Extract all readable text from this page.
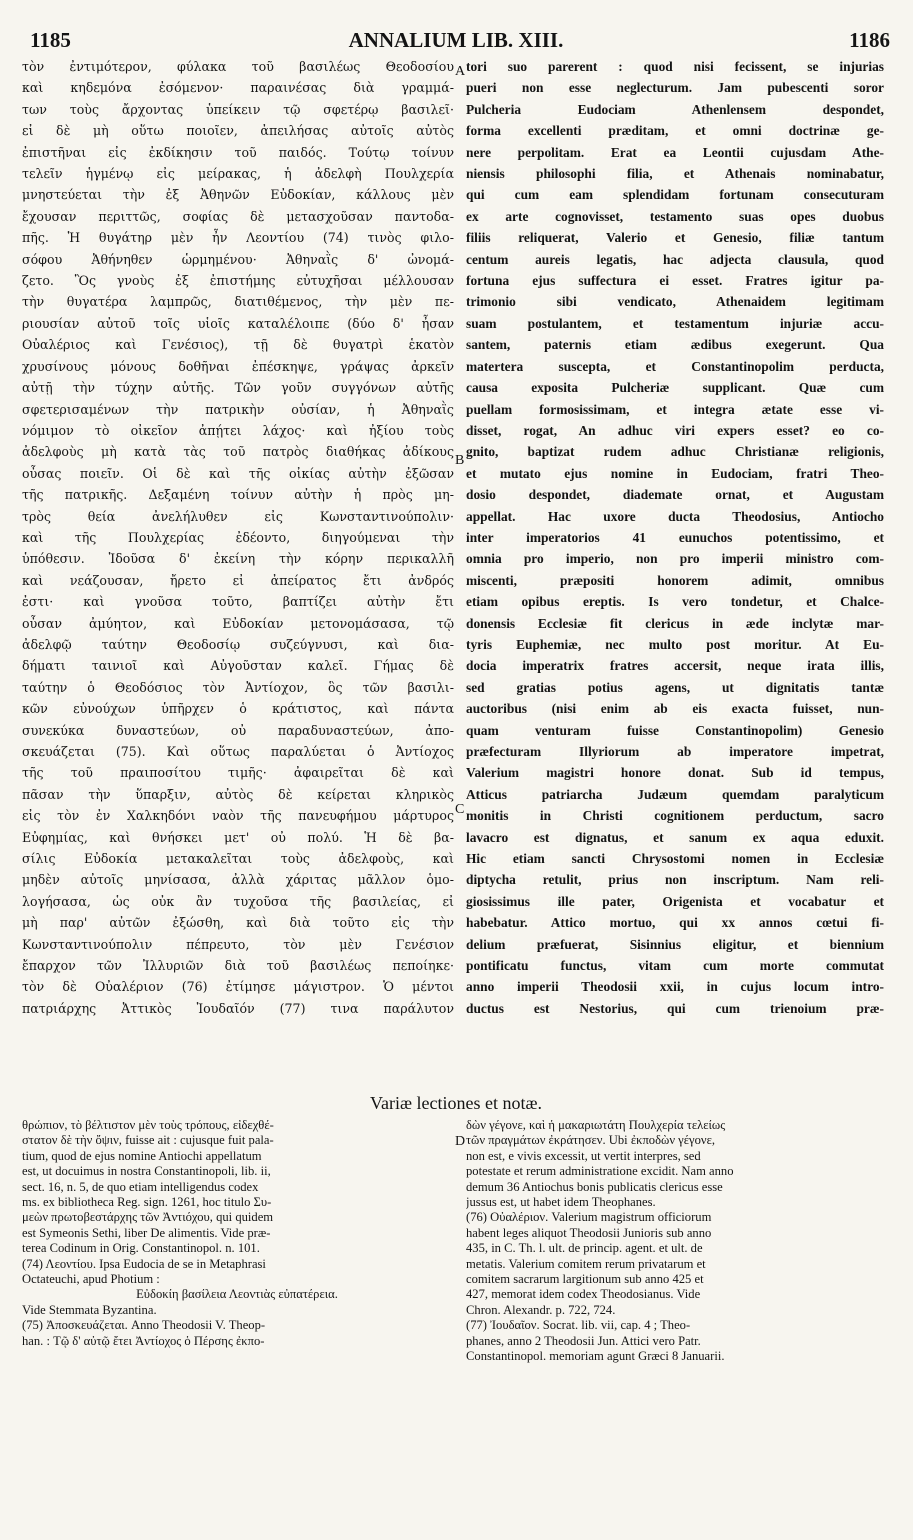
1185	ANNALIUM LIB. XIII.	1186
τὸν ἐντιμότερον, φύλακα τοῦ βασιλέως Θεοδοσίου
καὶ κηδεμόνα ἐσόμενον· παραινέσας διὰ γραμμά-
των τοὺς ἄρχοντας ὑπείκειν τῷ σφετέρῳ βασιλεῖ·
εἰ δὲ μὴ οὕτω ποιοῖεν, ἀπειλήσας αὐτοῖς αὐτὸς
ἐπιστῆναι εἰς ἐκδίκησιν τοῦ παιδός. Τούτῳ τοίνυν
τελεῖν ἡγμένῳ εἰς μείρακας, ἡ ἀδελφὴ Πουλχερία
μνηστεύεται τὴν ἐξ Ἀθηνῶν Εὐδοκίαν, κάλλους μὲν
ἔχουσαν περιττῶς, σοφίας δὲ μετασχοῦσαν παντοδα-
πῆς. Ἡ θυγάτηρ μὲν ἦν Λεοντίου (74) τινὸς φιλο-
σόφου Ἀθήνηθεν ὡρμημένου· Ἀθηναῒς δ' ὠνομά-
ζετο. Ὃς γνοὺς ἐξ ἐπιστήμης εὐτυχῆσαι μέλλουσαν
τὴν θυγατέρα λαμπρῶς, διατιθέμενος, τὴν μὲν πε-
ριουσίαν αὐτοῦ τοῖς υἱοῖς καταλέλοιπε (δύο δ' ἦσαν
Οὐαλέριος καὶ Γενέσιος), τῇ δὲ θυγατρὶ ἑκατὸν
χρυσίνους μόνους δοθῆναι ἐπέσκηψε, γράψας ἀρκεῖν
αὐτῇ τὴν τύχην αὐτῆς. Τῶν γοῦν συγγόνων αὐτῆς
σφετερισαμένων τὴν πατρικὴν οὐσίαν, ἡ Ἀθηναῒς
νόμιμον τὸ οἰκεῖον ἀπῄτει λάχος· καὶ ἠξίου τοὺς
ἀδελφοὺς μὴ κατὰ τὰς τοῦ πατρὸς διαθήκας ἀδίκους
οὖσας ποιεῖν. Οἱ δὲ καὶ τῆς οἰκίας αὐτὴν ἐξῶσαν
τῆς πατρικῆς. Δεξαμένη τοίνυν αὐτὴν ἡ πρὸς μη-
τρὸς θεία ἀνελήλυθεν εἰς Κωνσταντινούπολιν·
καὶ τῆς Πουλχερίας ἐδέοντο, διηγούμεναι τὴν
ὑπόθεσιν. Ἰδοῦσα δ' ἐκείνη τὴν κόρην περικαλλῆ
καὶ νεάζουσαν, ἤρετο εἰ ἀπείρατος ἔτι ἀνδρός
ἐστι· καὶ γνοῦσα τοῦτο, βαπτίζει αὐτὴν ἔτι
οὖσαν ἀμύητον, καὶ Εὐδοκίαν μετονομάσασα, τῷ
ἀδελφῷ ταύτην Θεοδοσίῳ συζεύγνυσι, καὶ δια-
δήματι ταινιοῖ καὶ Αὐγοῦσταν καλεῖ. Γήμας δὲ
ταύτην ὁ Θεοδόσιος τὸν Ἀντίοχον, ὃς τῶν βασιλι-
κῶν εὐνούχων ὑπῆρχεν ὁ κράτιστος, καὶ πάντα
συνεκύκα δυναστεύων, οὐ παραδυναστεύων, ἀπο-
σκευάζεται (75). Καὶ οὕτως παραλύεται ὁ Ἀντίοχος
τῆς τοῦ πραιποσίτου τιμῆς· ἀφαιρεῖται δὲ καὶ
πᾶσαν τὴν ὕπαρξιν, αὐτὸς δὲ κείρεται κληρικὸς
εἰς τὸν ἐν Χαλκηδόνι ναὸν τῆς πανευφήμου μάρτυρος
Εὐφημίας, καὶ θνήσκει μετ' οὐ πολύ. Ἡ δὲ βα-
σίλις Εὐδοκία μετακαλεῖται τοὺς ἀδελφοὺς, καὶ
μηδὲν αὐτοῖς μηνίσασα, ἀλλὰ χάριτας μᾶλλον ὁμο-
λογήσασα, ὡς οὐκ ἂν τυχοῦσα τῆς βασιλείας, εἰ
μὴ παρ' αὐτῶν ἐξώσθη, καὶ διὰ τοῦτο εἰς τὴν
Κωνσταντινούπολιν πέπρευτο, τὸν μὲν Γενέσιον
ἔπαρχον τῶν Ἰλλυριῶν διὰ τοῦ βασιλέως πεποίηκε·
τὸν δὲ Οὐαλέριον (76) ἐτίμησε μάγιστρον. Ὁ μέντοι
πατριάρχης Ἀττικὸς Ἰουδαῖόν (77) τινα παράλυτον
tori suo parerent : quod nisi fecissent, se injurias
pueri non esse neglecturum. Jam pubescenti soror
Pulcheria Eudociam Athenlensem despondet,
forma excellenti præditam, et omni doctrinæ ge-
nere perpolitam. Erat ea Leontii cujusdam Athe-
niensis philosophi filia, et Athenais nominabatur,
qui cum eam splendidam fortunam consecuturam
ex arte cognovisset, testamento suas opes duobus
filiis reliquerat, Valerio et Genesio, filiæ tantum
centum aureis legatis, hac adjecta clausula, quod
fortuna ejus suffectura ei esset. Fratres igitur pa-
trimonio sibi vendicato, Athenaidem legitimam
suam postulantem, et testamentum injuriæ accu-
santem, paternis etiam ædibus exegerunt. Qua
matertera suscepta, et Constantinopolim perducta,
causa exposita Pulcheriæ supplicant. Quæ cum
puellam formosissimam, et integra ætate esse vi-
disset, rogat, An adhuc viri expers esset? eo co-
gnito, baptizat rudem adhuc Christianæ religionis,
et mutato ejus nomine in Eudociam, fratri Theo-
dosio despondet, diademate ornat, et Augustam
appellat. Hac uxore ducta Theodosius, Antiocho
inter imperatorios 41 eunuchos potentissimo, et
omnia pro imperio, non pro imperii ministro com-
miscenti, præpositi honorem adimit, omnibus
etiam opibus ereptis. Is vero tondetur, et Chalce-
donensis Ecclesiæ fit clericus in æde inclytæ mar-
tyris Euphemiæ, nec multo post moritur. At Eu-
docia imperatrix fratres accersit, neque irata illis,
sed gratias potius agens, ut dignitatis tantæ
auctoribus (nisi enim ab eis exacta fuisset, nun-
quam venturam fuisse Constantinopolim) Genesio
præfecturam Illyriorum ab imperatore impetrat,
Valerium magistri honore donat. Sub id tempus,
Atticus patriarcha Judæum quemdam paralyticum
monitis in Christi cognitionem perductum, sacro
lavacro est dignatus, et sanum ex aqua eduxit.
Hic etiam sancti Chrysostomi nomen in Ecclesiæ
diptycha retulit, prius non inscriptum. Nam reli-
giosissimus ille pater, Origenista et vocabatur et
habebatur. Attico mortuo, qui xx annos cœtui fi-
delium præfuerat, Sisinnius eligitur, et biennium
pontificatu functus, vitam cum morte commutat
anno imperii Theodosii xxii, in cujus locum intro-
ductus est Nestorius, qui cum trienoium præ-
A
B
C
Variæ lectiones et notæ.
θρώπιον, τὸ βέλτιστον μὲν τοὺς τρόπους, εἰδεχθέ-
στατον δὲ τὴν ὄψιν, fuisse ait : cujusque fuit pala-
tium, quod de ejus nomine Antiochi appellatum
est, ut docuimus in nostra Constantinopoli, lib. ii,
sect. 16, n. 5, de quo etiam intelligendus codex
ms. ex bibliotheca Reg. sign. 1261, hoc titulo Συ-
μεὼν πρωτοβεστάρχης τῶν Ἀντιόχου, qui quidem
est Symeonis Sethi, liber De alimentis. Vide præ-
terea Codinum in Orig. Constantinopol. n. 101.
(74) Λεοντίου. Ipsa Eudocia de se in Metaphrasi
Octateuchi, apud Photium :
Εὐδοκίη βασίλεια Λεοντιὰς εὐπατέρεια.
Vide Stemmata Byzantina.
(75) Ἀποσκευάζεται. Anno Theodosii V. Theop-
han. : Τῷ δ' αὐτῷ ἔτει Ἀντίοχος ὁ Πέρσης ἐκπο-
δὼν γέγονε, καὶ ἡ μακαριωτάτη Πουλχερία τελείως
τῶν πραγμάτων ἐκράτησεν. Ubi ἐκποδὼν γέγονε,
non est, e vivis excessit, ut vertit interpres, sed
potestate et rerum administratione excidit. Nam anno
demum 36 Antiochus bonis publicatis clericus esse
jussus est, ut habet idem Theophanes.
(76) Οὐαλέριον. Valerium magistrum officiorum
habent leges aliquot Theodosii Junioris sub anno
435, in C. Th. l. ult. de princip. agent. et ult. de
metatis. Valerium comitem rerum privatarum et
comitem sacrarum largitionum sub anno 425 et
427, memorat idem codex Theodosianus. Vide
Chron. Alexandr. p. 722, 724.
(77) Ἰουδαῖον. Socrat. lib. vii, cap. 4 ; Theo-
phanes, anno 2 Theodosii Jun. Attici vero Patr.
Constantinopol. memoriam agunt Græci 8 Januarii.
D
